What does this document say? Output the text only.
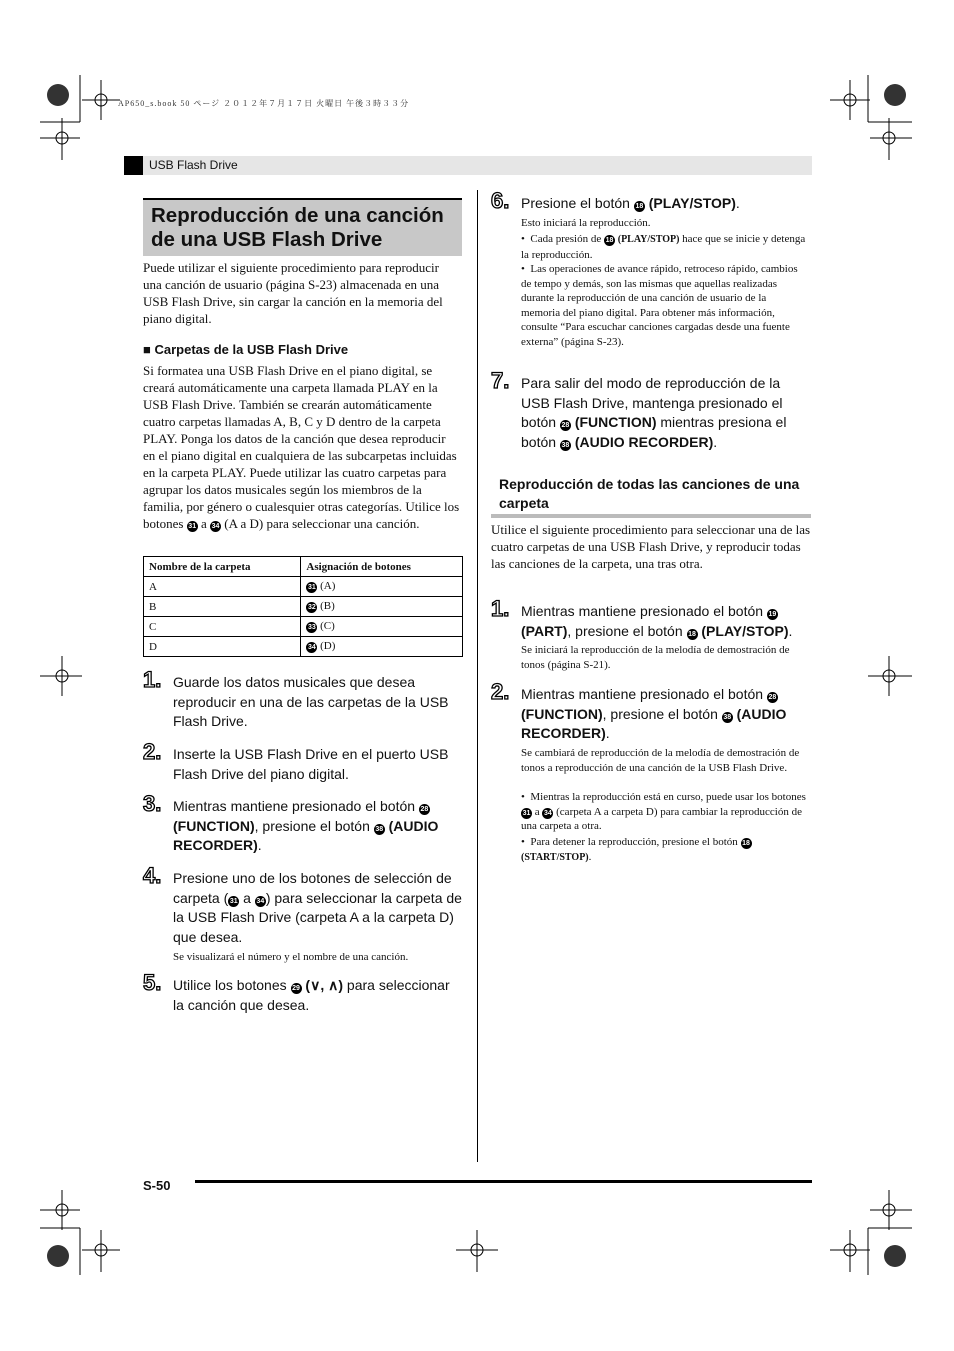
AP650_s.book 50 ページ ２０１２年７月１７日 火曜日 午後３時３３分
USB Flash Drive
Reproducción de una canción de una USB Flash Drive
Puede utilizar el siguiente procedimiento para reproducir una canción de usuario (página S-23) almacenada en una USB Flash Drive, sin cargar la canción en la memoria del piano digital.
■ Carpetas de la USB Flash Drive
Si formatea una USB Flash Drive en el piano digital, se creará automáticamente una carpeta llamada PLAY en la USB Flash Drive. También se crearán automáticamente cuatro carpetas llamadas A, B, C y D dentro de la carpeta PLAY. Ponga los datos de la canción que desea reproducir en el piano digital en cualquiera de las subcarpetas incluidas en la carpeta PLAY. Puede utilizar las cuatro carpetas para agrupar los datos musicales según los miembros de la familia, por género o cualesquier otras categorías. Utilice los botones 31 a 34 (A a D) para seleccionar una canción.
Nombre de la carpeta	Asignación de botones
A	31 (A)
B	32 (B)
C	33 (C)
D	34 (D)
1. Guarde los datos musicales que desea reproducir en una de las carpetas de la USB Flash Drive.
2. Inserte la USB Flash Drive en el puerto USB Flash Drive del piano digital.
3. Mientras mantiene presionado el botón 28 (FUNCTION), presione el botón 38 (AUDIO RECORDER).
4. Presione uno de los botones de selección de carpeta ( 31 a 34 ) para seleccionar la carpeta de la USB Flash Drive (carpeta A a la carpeta D) que desea.
Se visualizará el número y el nombre de una canción.
5. Utilice los botones 29 (∨, ∧) para seleccionar la canción que desea.
6. Presione el botón 18 (PLAY/STOP).
Esto iniciará la reproducción.
•  Cada presión de 18 (PLAY/STOP) hace que se inicie y detenga la reproducción.
•  Las operaciones de avance rápido, retroceso rápido, cambios de tempo y demás, son las mismas que aquellas realizadas durante la reproducción de una canción de usuario de la memoria del piano digital. Para obtener más información, consulte “Para escuchar canciones cargadas desde una fuente externa” (página S-23).
7. Para salir del modo de reproducción de la USB Flash Drive, mantenga presionado el botón 28 (FUNCTION) mientras presiona el botón 38 (AUDIO RECORDER).
Reproducción de todas las canciones de una carpeta
Utilice el siguiente procedimiento para seleccionar una de las cuatro carpetas de una USB Flash Drive, y reproducir todas las canciones de la carpeta, una tras otra.
1. Mientras mantiene presionado el botón 19 (PART), presione el botón 18 (PLAY/STOP).
Se iniciará la reproducción de la melodía de demostración de tonos (página S-21).
2. Mientras mantiene presionado el botón 28 (FUNCTION), presione el botón 38 (AUDIO RECORDER).
Se cambiará de reproducción de la melodía de demostración de tonos a reproducción de una canción de la USB Flash Drive.
•  Mientras la reproducción está en curso, puede usar los botones 31 a 34 (carpeta A a carpeta D) para cambiar la reproducción de una carpeta a otra.
•  Para detener la reproducción, presione el botón 18 (START/STOP).
S-50
